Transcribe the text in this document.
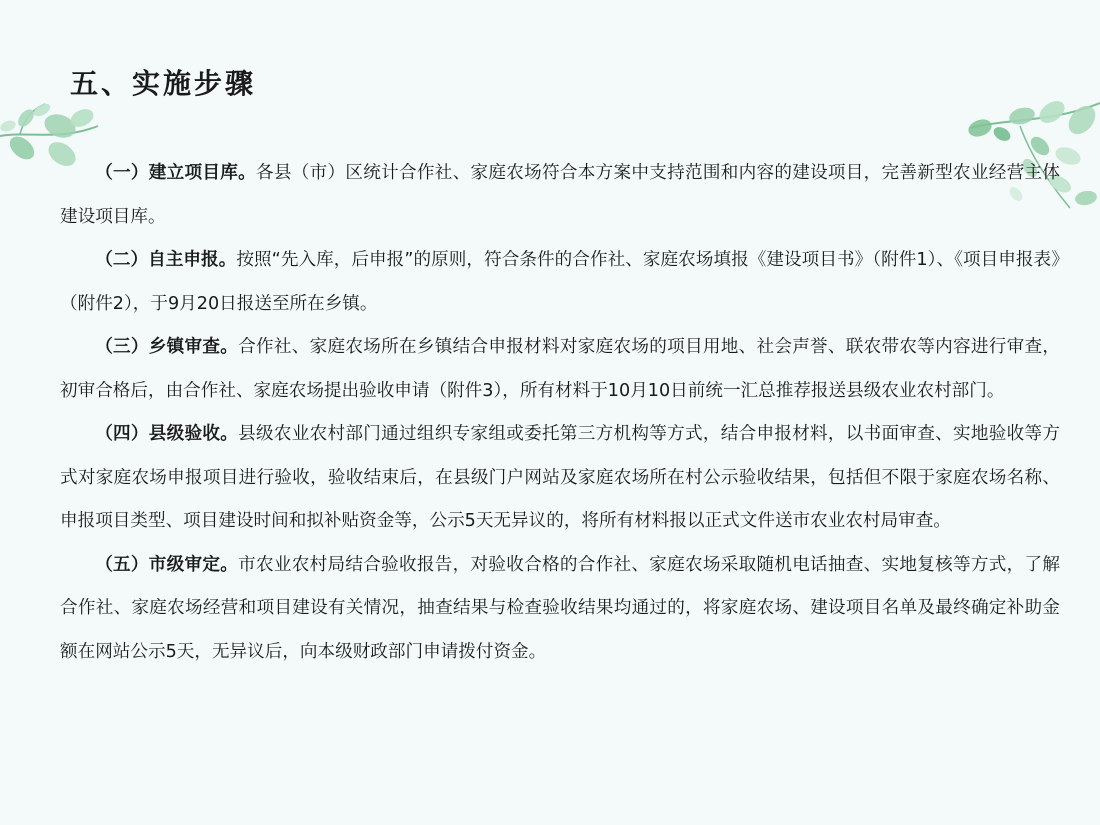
五、实施步骤

（一）建立项目库。各县（市）区统计合作社、家庭农场符合本方案中支持范围和内容的建设项目，完善新型农业经营主体建设项目库。

（二）自主申报。按照“先入库，后申报”的原则，符合条件的合作社、家庭农场填报《建设项目书》（附件1）、《项目申报表》（附件2），于9月20日报送至所在乡镇。

（三）乡镇审查。合作社、家庭农场所在乡镇结合申报材料对家庭农场的项目用地、社会声誉、联农带农等内容进行审查，初审合格后，由合作社、家庭农场提出验收申请（附件3），所有材料于10月10日前统一汇总推荐报送县级农业农村部门。

（四）县级验收。县级农业农村部门通过组织专家组或委托第三方机构等方式，结合申报材料，以书面审查、实地验收等方式对家庭农场申报项目进行验收，验收结束后，在县级门户网站及家庭农场所在村公示验收结果，包括但不限于家庭农场名称、申报项目类型、项目建设时间和拟补贴资金等，公示5天无异议的，将所有材料报以正式文件送市农业农村局审查。

（五）市级审定。市农业农村局结合验收报告，对验收合格的合作社、家庭农场采取随机电话抽查、实地复核等方式，了解合作社、家庭农场经营和项目建设有关情况，抽查结果与检查验收结果均通过的，将家庭农场、建设项目名单及最终确定补助金额在网站公示5天，无异议后，向本级财政部门申请拨付资金。
